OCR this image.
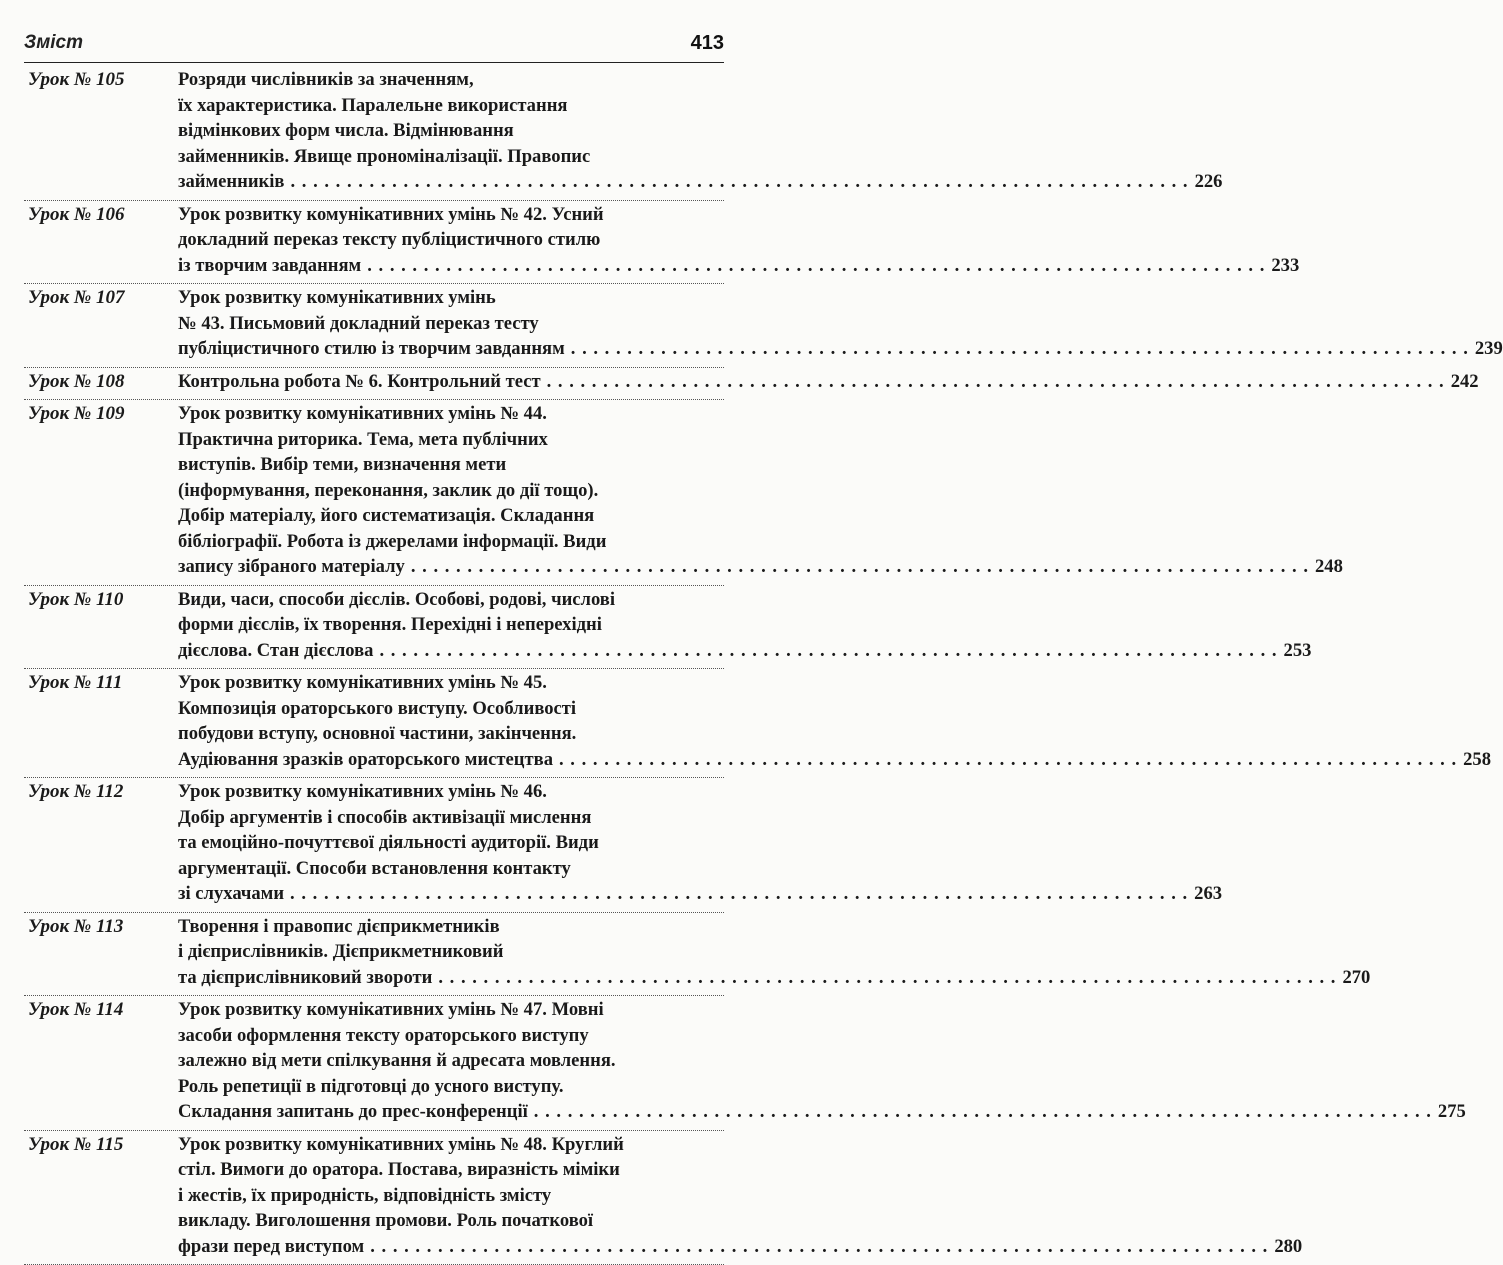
Зміст	413
Урок № 105	Розряди числівників за значенням,
їх характеристика. Паралельне використання
відмінкових форм числа. Відмінювання
займенників. Явище прономіналізації. Правопис
займенників . . . . . . . . . . . . . . . . . . . . . . . . . . . . . . . . . . . . . . . . . . . . . . . . . . . . . . . . . . . . . . . . . . . . . . . . . . . . . . . . 226
Урок № 106	Урок розвитку комунікативних умінь № 42. Усний
докладний переказ тексту публіцистичного стилю
із творчим завданням . . . . . . . . . . . . . . . . . . . . . . . . . . . . . . . . . . . . . . . . . . . . . . . . . . . . . . . . . . . . . . . . . . . . . . . . . . . . . . . . 233
Урок № 107	Урок розвитку комунікативних умінь
№ 43. Письмовий докладний переказ тесту
публіцистичного стилю із творчим завданням . . . . . . . . . . . . . . . . . . . . . . . . . . . . . . . . . . . . . . . . . . . . . . . . . . . . . . . . . . . . . . . . . . . . . . . . . . . . . . . . 239
Урок № 108	Контрольна робота № 6. Контрольний тест . . . . . . . . . . . . . . . . . . . . . . . . . . . . . . . . . . . . . . . . . . . . . . . . . . . . . . . . . . . . . . . . . . . . . . . . . . . . . . . . 242
Урок № 109	Урок розвитку комунікативних умінь № 44.
Практична риторика. Тема, мета публічних
виступів. Вибір теми, визначення мети
(інформування, переконання, заклик до дії тощо).
Добір матеріалу, його систематизація. Складання
бібліографії. Робота із джерелами інформації. Види
запису зібраного матеріалу . . . . . . . . . . . . . . . . . . . . . . . . . . . . . . . . . . . . . . . . . . . . . . . . . . . . . . . . . . . . . . . . . . . . . . . . . . . . . . . . 248
Урок № 110	Види, часи, способи дієслів. Особові, родові, числові
форми дієслів, їх творення. Перехідні і неперехідні
дієслова. Стан дієслова . . . . . . . . . . . . . . . . . . . . . . . . . . . . . . . . . . . . . . . . . . . . . . . . . . . . . . . . . . . . . . . . . . . . . . . . . . . . . . . . 253
Урок № 111	Урок розвитку комунікативних умінь № 45.
Композиція ораторського виступу. Особливості
побудови вступу, основної частини, закінчення.
Аудіювання зразків ораторського мистецтва . . . . . . . . . . . . . . . . . . . . . . . . . . . . . . . . . . . . . . . . . . . . . . . . . . . . . . . . . . . . . . . . . . . . . . . . . . . . . . . . 258
Урок № 112	Урок розвитку комунікативних умінь № 46.
Добір аргументів і способів активізації мислення
та емоційно-почуттєвої діяльності аудиторії. Види
аргументації. Способи встановлення контакту
зі слухачами . . . . . . . . . . . . . . . . . . . . . . . . . . . . . . . . . . . . . . . . . . . . . . . . . . . . . . . . . . . . . . . . . . . . . . . . . . . . . . . . 263
Урок № 113	Творення і правопис дієприкметників
і дієприслівників. Дієприкметниковий
та дієприслівниковий звороти . . . . . . . . . . . . . . . . . . . . . . . . . . . . . . . . . . . . . . . . . . . . . . . . . . . . . . . . . . . . . . . . . . . . . . . . . . . . . . . . 270
Урок № 114	Урок розвитку комунікативних умінь № 47. Мовні
засоби оформлення тексту ораторського виступу
залежно від мети спілкування й адресата мовлення.
Роль репетиції в підготовці до усного виступу.
Складання запитань до прес-конференції . . . . . . . . . . . . . . . . . . . . . . . . . . . . . . . . . . . . . . . . . . . . . . . . . . . . . . . . . . . . . . . . . . . . . . . . . . . . . . . . 275
Урок № 115	Урок розвитку комунікативних умінь № 48. Круглий
стіл. Вимоги до оратора. Постава, виразність міміки
і жестів, їх природність, відповідність змісту
викладу. Виголошення промови. Роль початкової
фрази перед виступом . . . . . . . . . . . . . . . . . . . . . . . . . . . . . . . . . . . . . . . . . . . . . . . . . . . . . . . . . . . . . . . . . . . . . . . . . . . . . . . . 280
